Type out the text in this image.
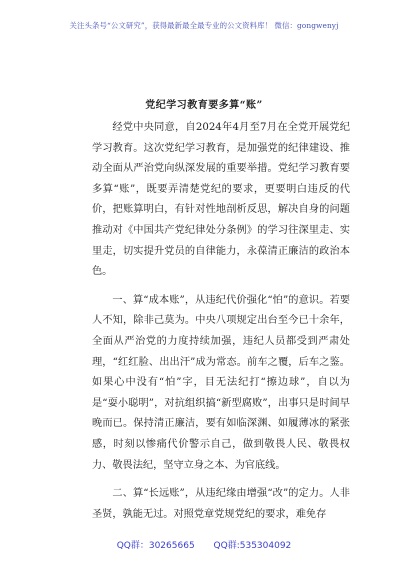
关注头条号“公文研究”，获得最新最全最专业的公文资料库！ 微信：gongwenyj
党纪学习教育要多算“账”

经党中央同意，自2024年4月至7月在全党开展党纪学习教育。这次党纪学习教育，是加强党的纪律建设、推动全面从严治党向纵深发展的重要举措。党纪学习教育要多算“账”，既要弄清楚党纪的要求，更要明白违反的代价，把账算明白，有针对性地剖析反思，解决自身的问题推动对《中国共产党纪律处分条例》的学习往深里走、实里走，切实提升党员的自律能力，永葆清正廉洁的政治本色。

一、算“成本账”，从违纪代价强化“怕”的意识。若要人不知，除非己莫为。中央八项规定出台至今已十余年，全面从严治党的力度持续加强，违纪人员都受到严肃处理，“红红脸、出出汗”成为常态。前车之覆，后车之鉴。如果心中没有“怕”字，目无法纪打“擦边球”，自以为是“耍小聪明”，对抗组织搞“新型腐败”，出事只是时间早晚而已。保持清正廉洁，要有如临深渊、如履薄冰的紧张感，时刻以惨痛代价警示自己，做到敬畏人民、敬畏权力、敬畏法纪，坚守立身之本、为官底线。

二、算“长远账”，从违纪缘由增强“改”的定力。人非圣贤，孰能无过。对照党章党规党纪的要求，难免存

QQ群：30265665 QQ群:535304092
